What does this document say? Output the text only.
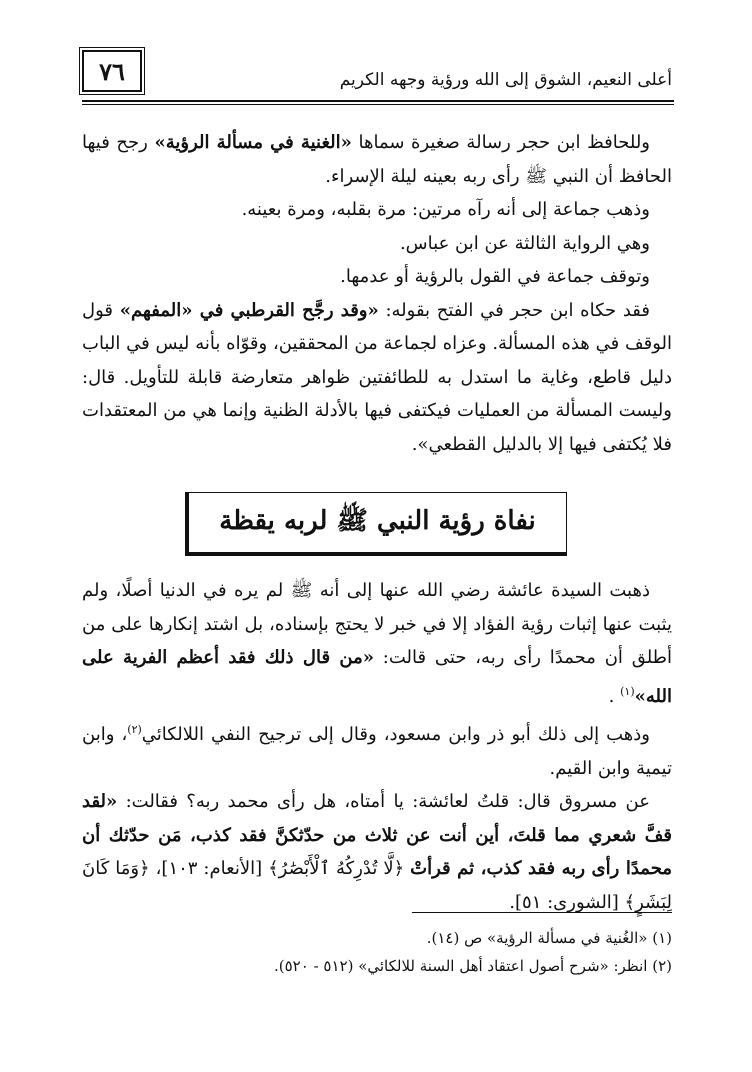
أعلى النعيم، الشوق إلى الله ورؤية وجهه الكريم
٧٦

وللحافظ ابن حجر رسالة صغيرة سماها «الغنية في مسألة الرؤية» رجح فيها الحافظ أن النبي ﷺ رأى ربه بعينه ليلة الإسراء.

وذهب جماعة إلى أنه رآه مرتين: مرة بقلبه، ومرة بعينه.

وهي الرواية الثالثة عن ابن عباس.

وتوقف جماعة في القول بالرؤية أو عدمها.

فقد حكاه ابن حجر في الفتح بقوله: «وقد رجَّح القرطبي في «المفهم» قول الوقف في هذه المسألة. وعزاه لجماعة من المحققين، وقوّاه بأنه ليس في الباب دليل قاطع، وغاية ما استدل به للطائفتين ظواهر متعارضة قابلة للتأويل. قال: وليست المسألة من العمليات فيكتفى فيها بالأدلة الظنية وإنما هي من المعتقدات فلا يُكتفى فيها إلا بالدليل القطعي».

نفاة رؤية النبي ﷺ لربه يقظة

ذهبت السيدة عائشة رضي الله عنها إلى أنه ﷺ لم يره في الدنيا أصلًا، ولم يثبت عنها إثبات رؤية الفؤاد إلا في خبر لا يحتج بإسناده، بل اشتد إنكارها على من أطلق أن محمدًا رأى ربه، حتى قالت: «من قال ذلك فقد أعظم الفرية على الله»$^{(١)}$ .

وذهب إلى ذلك أبو ذر وابن مسعود، وقال إلى ترجيح النفي اللالكائي$^{(٢)}$، وابن تيمية وابن القيم.

عن مسروق قال: قلتُ لعائشة: يا أمتاه، هل رأى محمد ربه؟ فقالت: «لقد قفَّ شعري مما قلتَ، أين أنت عن ثلاث من حدّثكنَّ فقد كذب، مَن حدّثك أن محمدًا رأى ربه فقد كذب، ثم قرأتْ ﴿لَّا تُدْرِكُهُ ٱلْأَبْصَٰرُ﴾ [الأنعام: ١٠٣]، ﴿وَمَا كَانَ لِبَشَرٍ﴾ [الشورى: ٥١].

(١) «الغُنية في مسألة الرؤية» ص (١٤).

(٢) انظر: «شرح أصول اعتقاد أهل السنة للالكائي» (٥١٢ - ٥٢٠).
